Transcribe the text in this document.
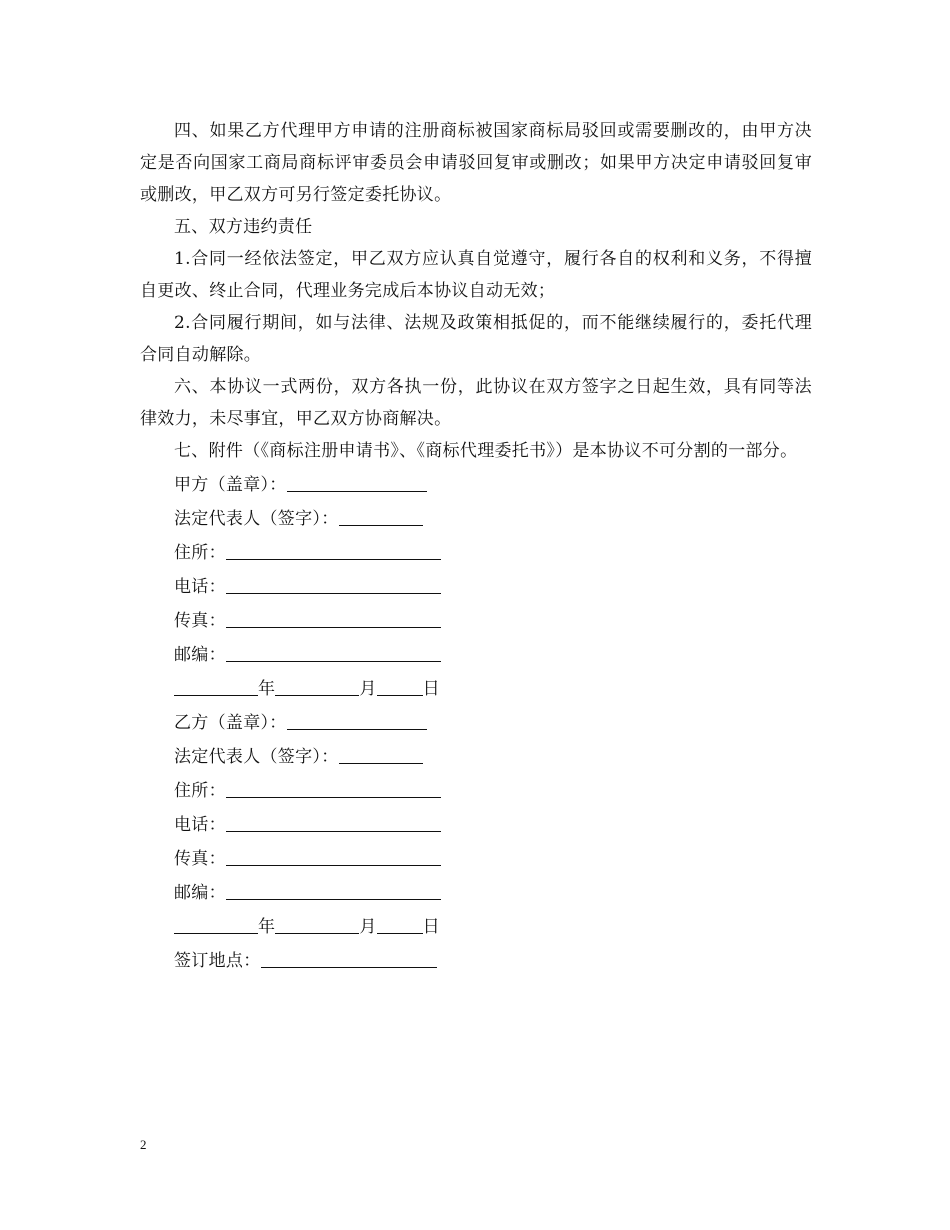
四、如果乙方代理甲方申请的注册商标被国家商标局驳回或需要删改的，由甲方决定是否向国家工商局商标评审委员会申请驳回复审或删改；如果甲方决定申请驳回复审或删改，甲乙双方可另行签定委托协议。

五、双方违约责任

1.合同一经依法签定，甲乙双方应认真自觉遵守，履行各自的权利和义务，不得擅自更改、终止合同，代理业务完成后本协议自动无效；

2.合同履行期间，如与法律、法规及政策相抵促的，而不能继续履行的，委托代理合同自动解除。

六、本协议一式两份，双方各执一份，此协议在双方签字之日起生效，具有同等法律效力，未尽事宜，甲乙双方协商解决。

七、附件（《商标注册申请书》、《商标代理委托书》）是本协议不可分割的一部分。

甲方（盖章）：
法定代表人（签字）：
住所：
电话：
传真：
邮编：
年	月	日
乙方（盖章）：
法定代表人（签字）：
住所：
电话：
传真：
邮编：
年	月	日
签订地点：
2
